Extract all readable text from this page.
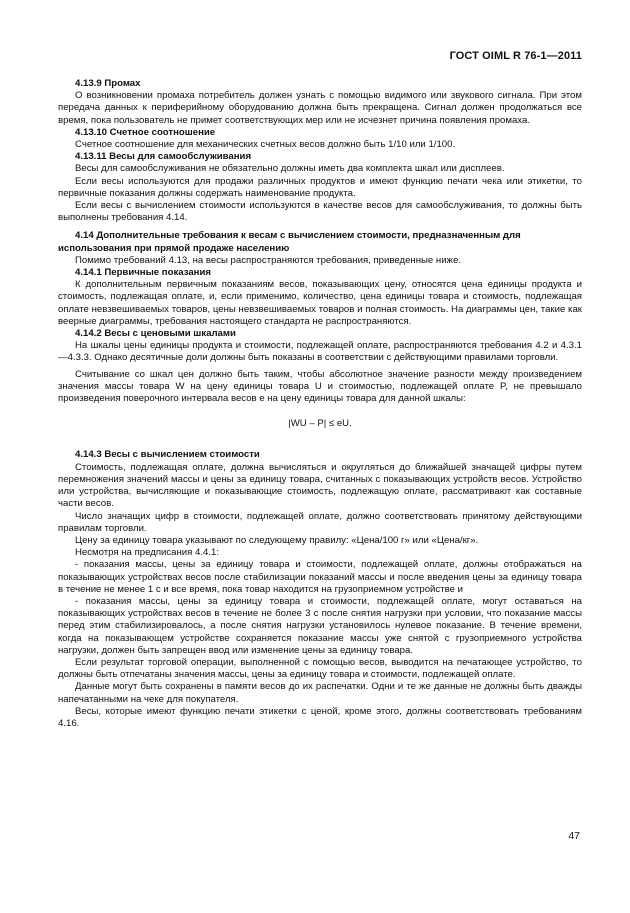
ГОСТ OIML R 76-1—2011
4.13.9 Промах

О возникновении промаха потребитель должен узнать с помощью видимого или звукового сигнала. При этом передача данных к периферийному оборудованию должна быть прекращена. Сигнал должен продолжаться все время, пока пользователь не примет соответствующих мер или не исчезнет причина появления промаха.

4.13.10 Счетное соотношение

Счетное соотношение для механических счетных весов должно быть 1/10 или 1/100.

4.13.11 Весы для самообслуживания

Весы для самообслуживания не обязательно должны иметь два комплекта шкал или дисплеев.

Если весы используются для продажи различных продуктов и имеют функцию печати чека или этикетки, то первичные показания должны содержать наименование продукта.

Если весы с вычислением стоимости используются в качестве весов для самообслуживания, то должны быть выполнены требования 4.14.

4.14 Дополнительные требования к весам с вычислением стоимости, предназначенным для использования при прямой продаже населению

Помимо требований 4.13, на весы распространяются требования, приведенные ниже.

4.14.1 Первичные показания

К дополнительным первичным показаниям весов, показывающих цену, относятся цена единицы продукта и стоимость, подлежащая оплате, и, если применимо, количество, цена единицы товара и стоимость, подлежащая оплате невзвешиваемых товаров, цены невзвешиваемых товаров и полная стоимость. На диаграммы цен, такие как веерные диаграммы, требования настоящего стандарта не распространяются.

4.14.2 Весы с ценовыми шкалами

На шкалы цены единицы продукта и стоимости, подлежащей оплате, распространяются требования 4.2 и 4.3.1—4.3.3. Однако десятичные доли должны быть показаны в соответствии с действующими правилами торговли.

Считывание со шкал цен должно быть таким, чтобы абсолютное значение разности между произведением значения массы товара W на цену единицы товара U и стоимостью, подлежащей оплате P, не превышало произведения поверочного интервала весов e на цену единицы товара для данной шкалы:

|WU – P| ≤ eU.
4.14.3 Весы с вычислением стоимости

Стоимость, подлежащая оплате, должна вычисляться и округляться до ближайшей значащей цифры путем перемножения значений массы и цены за единицу товара, считанных с показывающих устройств весов. Устройство или устройства, вычисляющие и показывающие стоимость, подлежащую оплате, рассматривают как составные части весов.

Число значащих цифр в стоимости, подлежащей оплате, должно соответствовать принятому действующими правилам торговли.

Цену за единицу товара указывают по следующему правилу: «Цена/100 г» или «Цена/кг».

Несмотря на предписания 4.4.1:

- показания массы, цены за единицу товара и стоимости, подлежащей оплате, должны отображаться на показывающих устройствах весов после стабилизации показаний массы и после введения цены за единицу товара в течение не менее 1 с и все время, пока товар находится на грузоприемном устройстве и

- показания массы, цены за единицу товара и стоимости, подлежащей оплате, могут оставаться на показывающих устройствах весов в течение не более 3 с после снятия нагрузки при условии, что показание массы перед этим стабилизировалось, а после снятия нагрузки установилось нулевое показание. В течение времени, когда на показывающем устройстве сохраняется показание массы уже снятой с грузоприемного устройства нагрузки, должен быть запрещен ввод или изменение цены за единицу товара.

Если результат торговой операции, выполненной с помощью весов, выводится на печатающее устройство, то должны быть отпечатаны значения массы, цены за единицу товара и стоимости, подлежащей оплате.

Данные могут быть сохранены в памяти весов до их распечатки. Одни и те же данные не должны быть дважды напечатанными на чеке для покупателя.

Весы, которые имеют функцию печати этикетки с ценой, кроме этого, должны соответствовать требованиям 4.16.

47
